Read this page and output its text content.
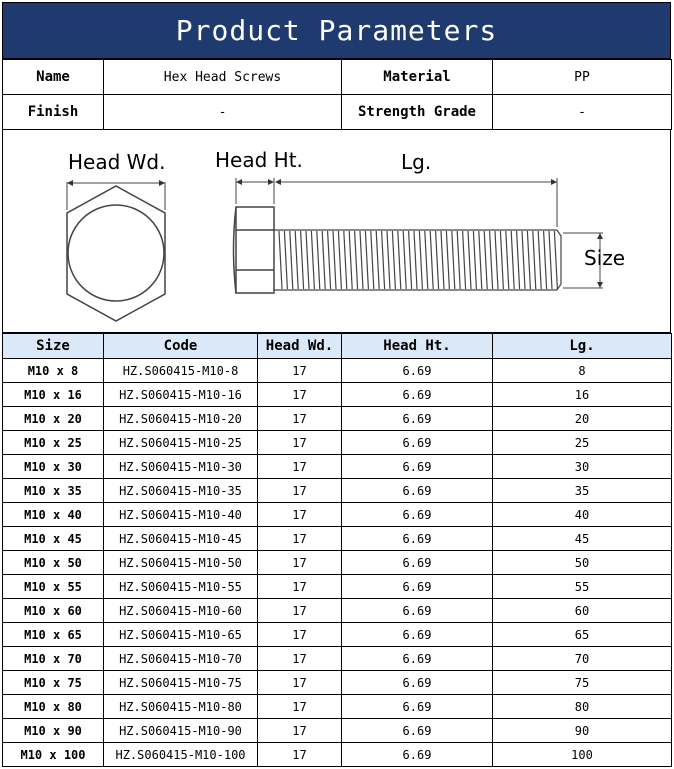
Product Parameters
Name	Hex Head Screws	Material	PP
Finish	-	Strength Grade	-
Head Wd. Head Ht.	Lg.
Size
Size	Code	Head Wd.	Head Ht.	Lg.
M10 x 8	HZ.S060415-M10-8	17	6.69	8
M10 x 16	HZ.S060415-M10-16	17	6.69	16
M10 x 20	HZ.S060415-M10-20	17	6.69	20
M10 x 25	HZ.S060415-M10-25	17	6.69	25
M10 x 30	HZ.S060415-M10-30	17	6.69	30
M10 x 35	HZ.S060415-M10-35	17	6.69	35
M10 x 40	HZ.S060415-M10-40	17	6.69	40
M10 x 45	HZ.S060415-M10-45	17	6.69	45
M10 x 50	HZ.S060415-M10-50	17	6.69	50
M10 x 55	HZ.S060415-M10-55	17	6.69	55
M10 x 60	HZ.S060415-M10-60	17	6.69	60
M10 x 65	HZ.S060415-M10-65	17	6.69	65
M10 x 70	HZ.S060415-M10-70	17	6.69	70
M10 x 75	HZ.S060415-M10-75	17	6.69	75
M10 x 80	HZ.S060415-M10-80	17	6.69	80
M10 x 90	HZ.S060415-M10-90	17	6.69	90
M10 x 100	HZ.S060415-M10-100	17	6.69	100
